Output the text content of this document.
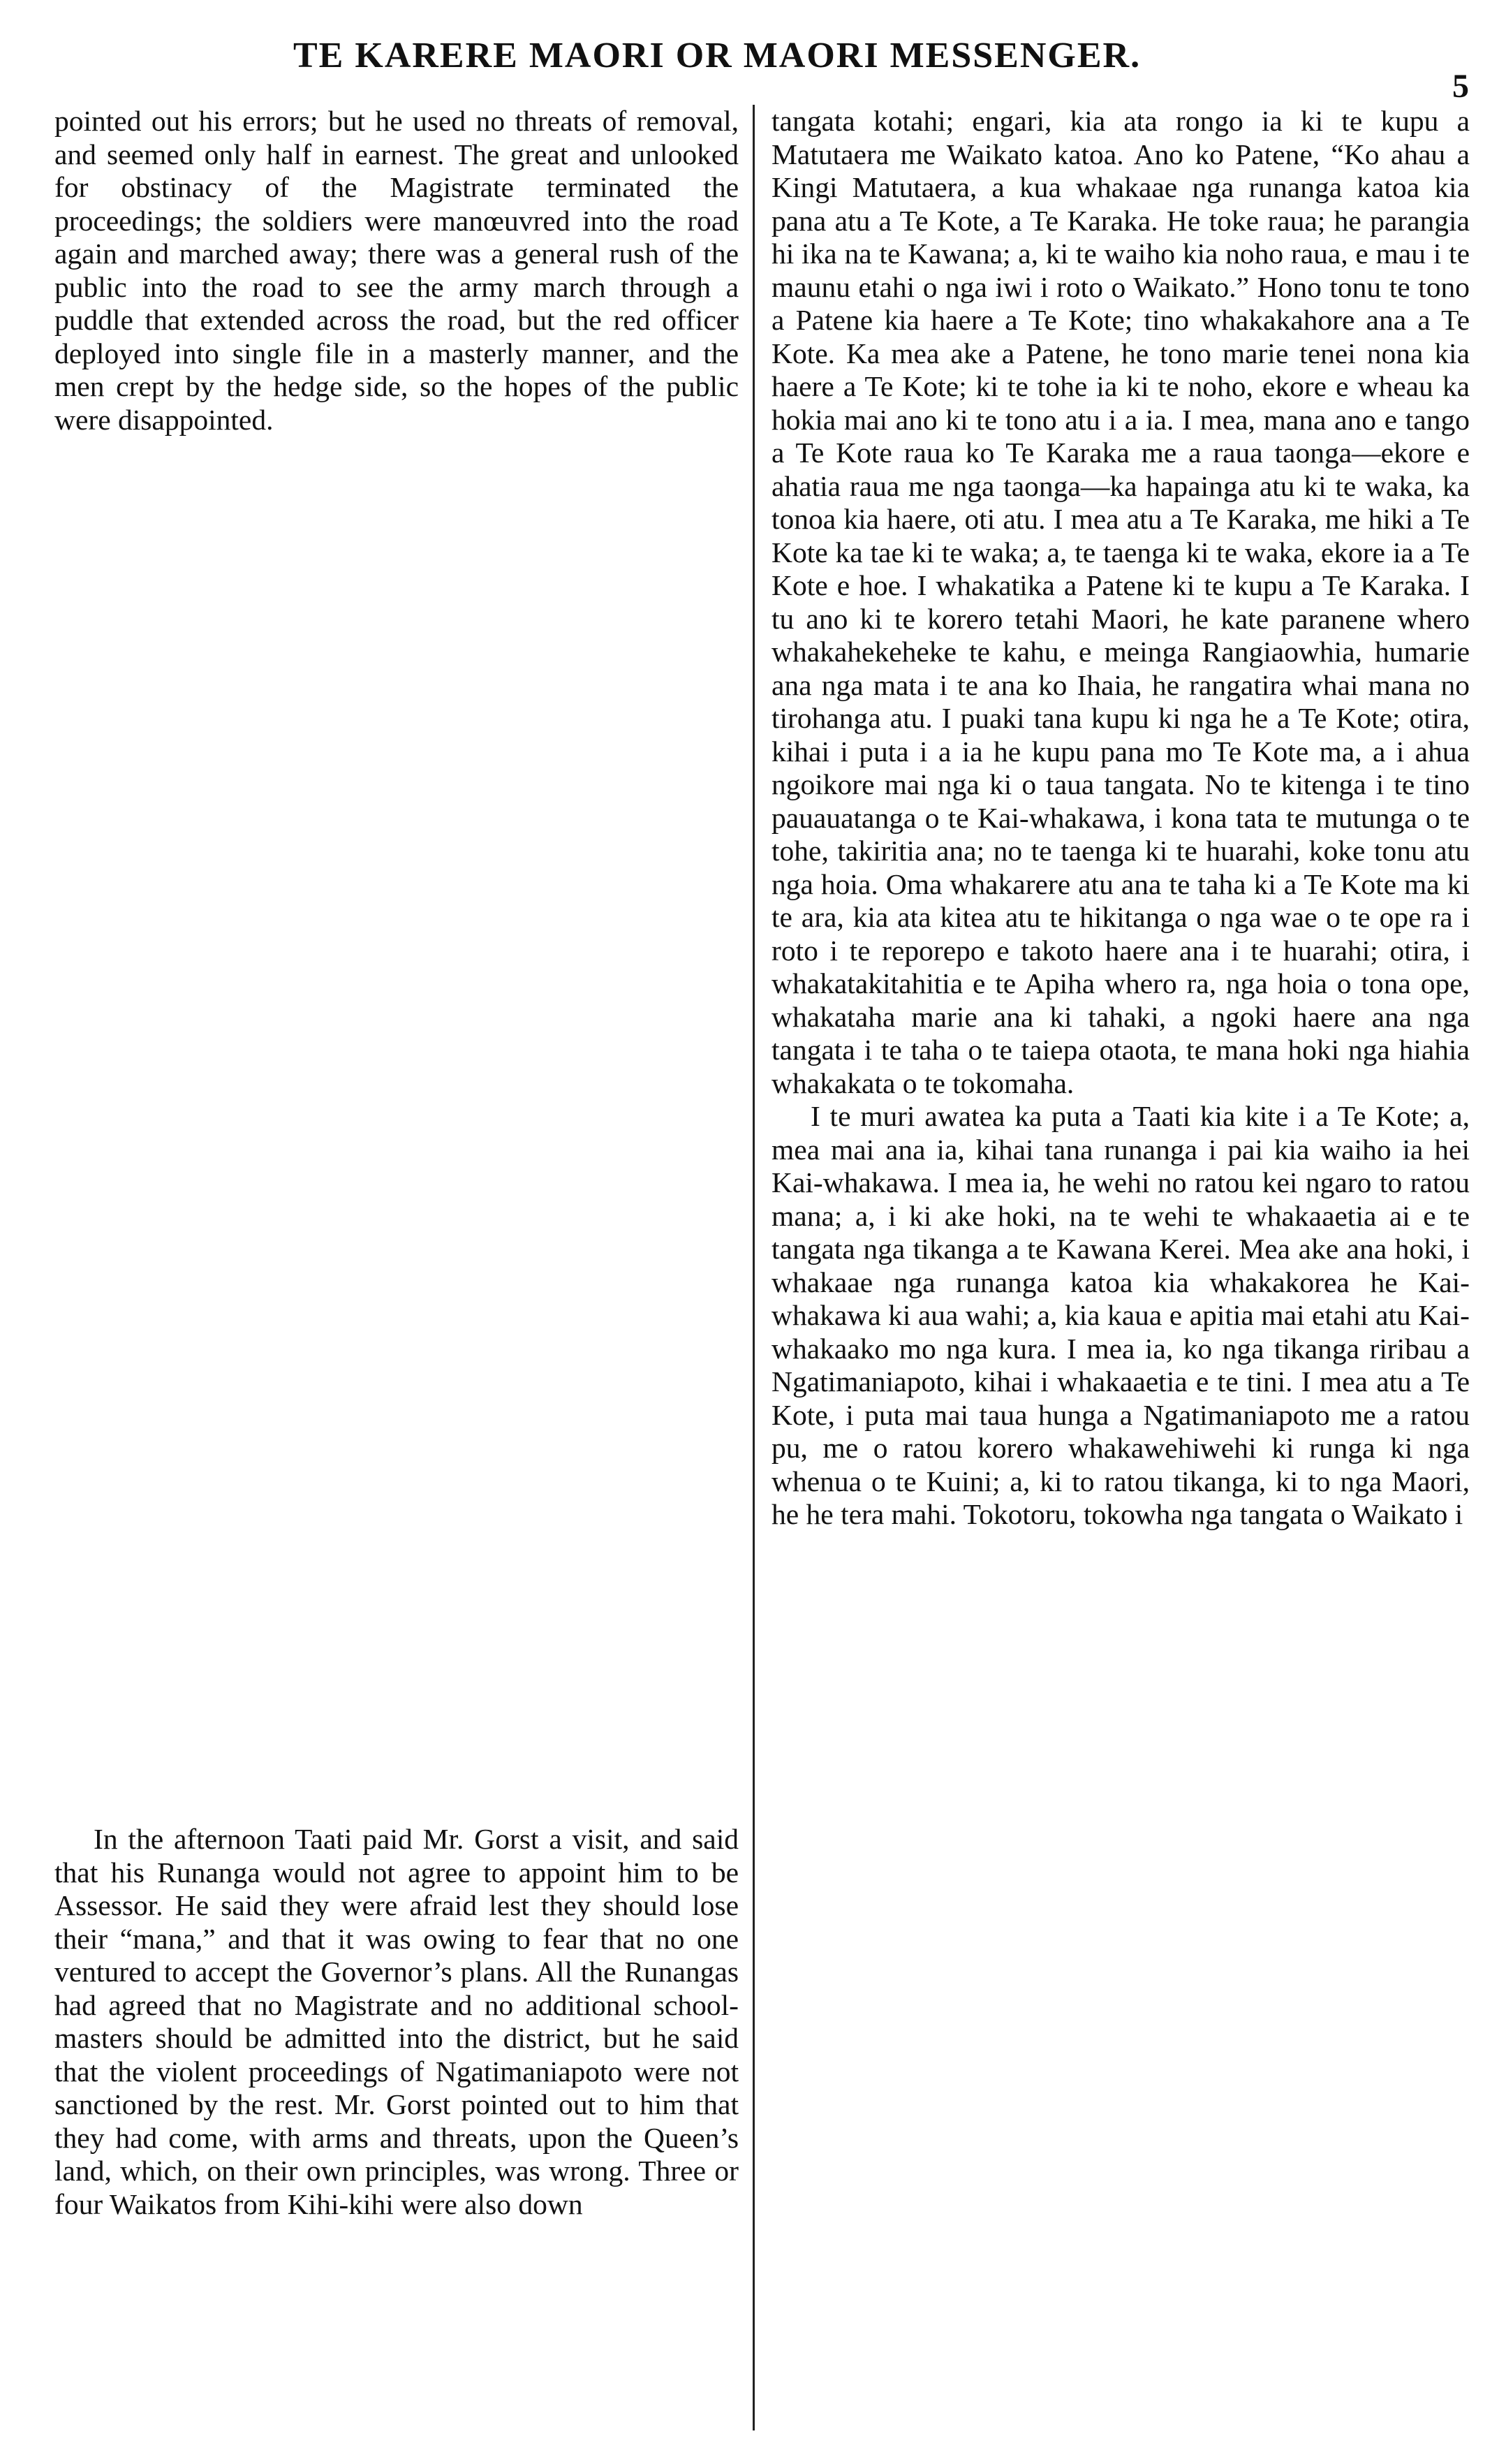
TE KARERE MAORI OR MAORI MESSENGER.
5

pointed out his errors; but he used no threats of removal, and seemed only half in earnest. The great and unlooked for obstinacy of the Magistrate terminated the proceedings; the soldiers were manœuvred into the road again and marched away; there was a general rush of the public into the road to see the army march through a puddle that extended across the road, but the red officer deployed into single file in a masterly manner, and the men crept by the hedge side, so the hopes of the public were disappointed.

In the afternoon Taati paid Mr. Gorst a visit, and said that his Runanga would not agree to appoint him to be Assessor. He said they were afraid lest they should lose their “mana,” and that it was owing to fear that no one ventured to accept the Governor’s plans. All the Runangas had agreed that no Magistrate and no additional school-masters should be admitted into the district, but he said that the violent proceedings of Ngatimaniapoto were not sanctioned by the rest. Mr. Gorst pointed out to him that they had come, with arms and threats, upon the Queen’s land, which, on their own principles, was wrong. Three or four Waikatos from Kihi-kihi were also down

tangata kotahi; engari, kia ata rongo ia ki te kupu a Matutaera me Waikato katoa. Ano ko Patene, “Ko ahau a Kingi Matutaera, a kua whakaae nga runanga katoa kia pana atu a Te Kote, a Te Karaka. He toke raua; he parangia hi ika na te Kawana; a, ki te waiho kia noho raua, e mau i te maunu etahi o nga iwi i roto o Waikato.” Hono tonu te tono a Patene kia haere a Te Kote; tino whakakahore ana a Te Kote. Ka mea ake a Patene, he tono marie tenei nona kia haere a Te Kote; ki te tohe ia ki te noho, ekore e wheau ka hokia mai ano ki te tono atu i a ia. I mea, mana ano e tango a Te Kote raua ko Te Karaka me a raua taonga—ekore e ahatia raua me nga taonga—ka hapainga atu ki te waka, ka tonoa kia haere, oti atu. I mea atu a Te Karaka, me hiki a Te Kote ka tae ki te waka; a, te taenga ki te waka, ekore ia a Te Kote e hoe. I whakatika a Patene ki te kupu a Te Karaka. I tu ano ki te korero tetahi Maori, he kate paranene whero whakahekeheke te kahu, e meinga Rangiaowhia, humarie ana nga mata i te ana ko Ihaia, he rangatira whai mana no tirohanga atu. I puaki tana kupu ki nga he a Te Kote; otira, kihai i puta i a ia he kupu pana mo Te Kote ma, a i ahua ngoikore mai nga ki o taua tangata. No te kitenga i te tino pauauatanga o te Kai-whakawa, i kona tata te mutunga o te tohe, takiritia ana; no te taenga ki te huarahi, koke tonu atu nga hoia. Oma whakarere atu ana te taha ki a Te Kote ma ki te ara, kia ata kitea atu te hikitanga o nga wae o te ope ra i roto i te reporepo e takoto haere ana i te huarahi; otira, i whakatakitahitia e te Apiha whero ra, nga hoia o tona ope, whakataha marie ana ki tahaki, a ngoki haere ana nga tangata i te taha o te taiepa otaota, te mana hoki nga hiahia whakakata o te tokomaha.

I te muri awatea ka puta a Taati kia kite i a Te Kote; a, mea mai ana ia, kihai tana runanga i pai kia waiho ia hei Kai-whakawa. I mea ia, he wehi no ratou kei ngaro to ratou mana; a, i ki ake hoki, na te wehi te whakaaetia ai e te tangata nga tikanga a te Kawana Kerei. Mea ake ana hoki, i whakaae nga runanga katoa kia whakakorea he Kai-whakawa ki aua wahi; a, kia kaua e apitia mai etahi atu Kai-whakaako mo nga kura. I mea ia, ko nga tikanga riribau a Ngatimaniapoto, kihai i whakaaetia e te tini. I mea atu a Te Kote, i puta mai taua hunga a Ngatimaniapoto me a ratou pu, me o ratou korero whakawehiwehi ki runga ki nga whenua o te Kuini; a, ki to ratou tikanga, ki to nga Maori, he he tera mahi. Tokotoru, tokowha nga tangata o Waikato i
